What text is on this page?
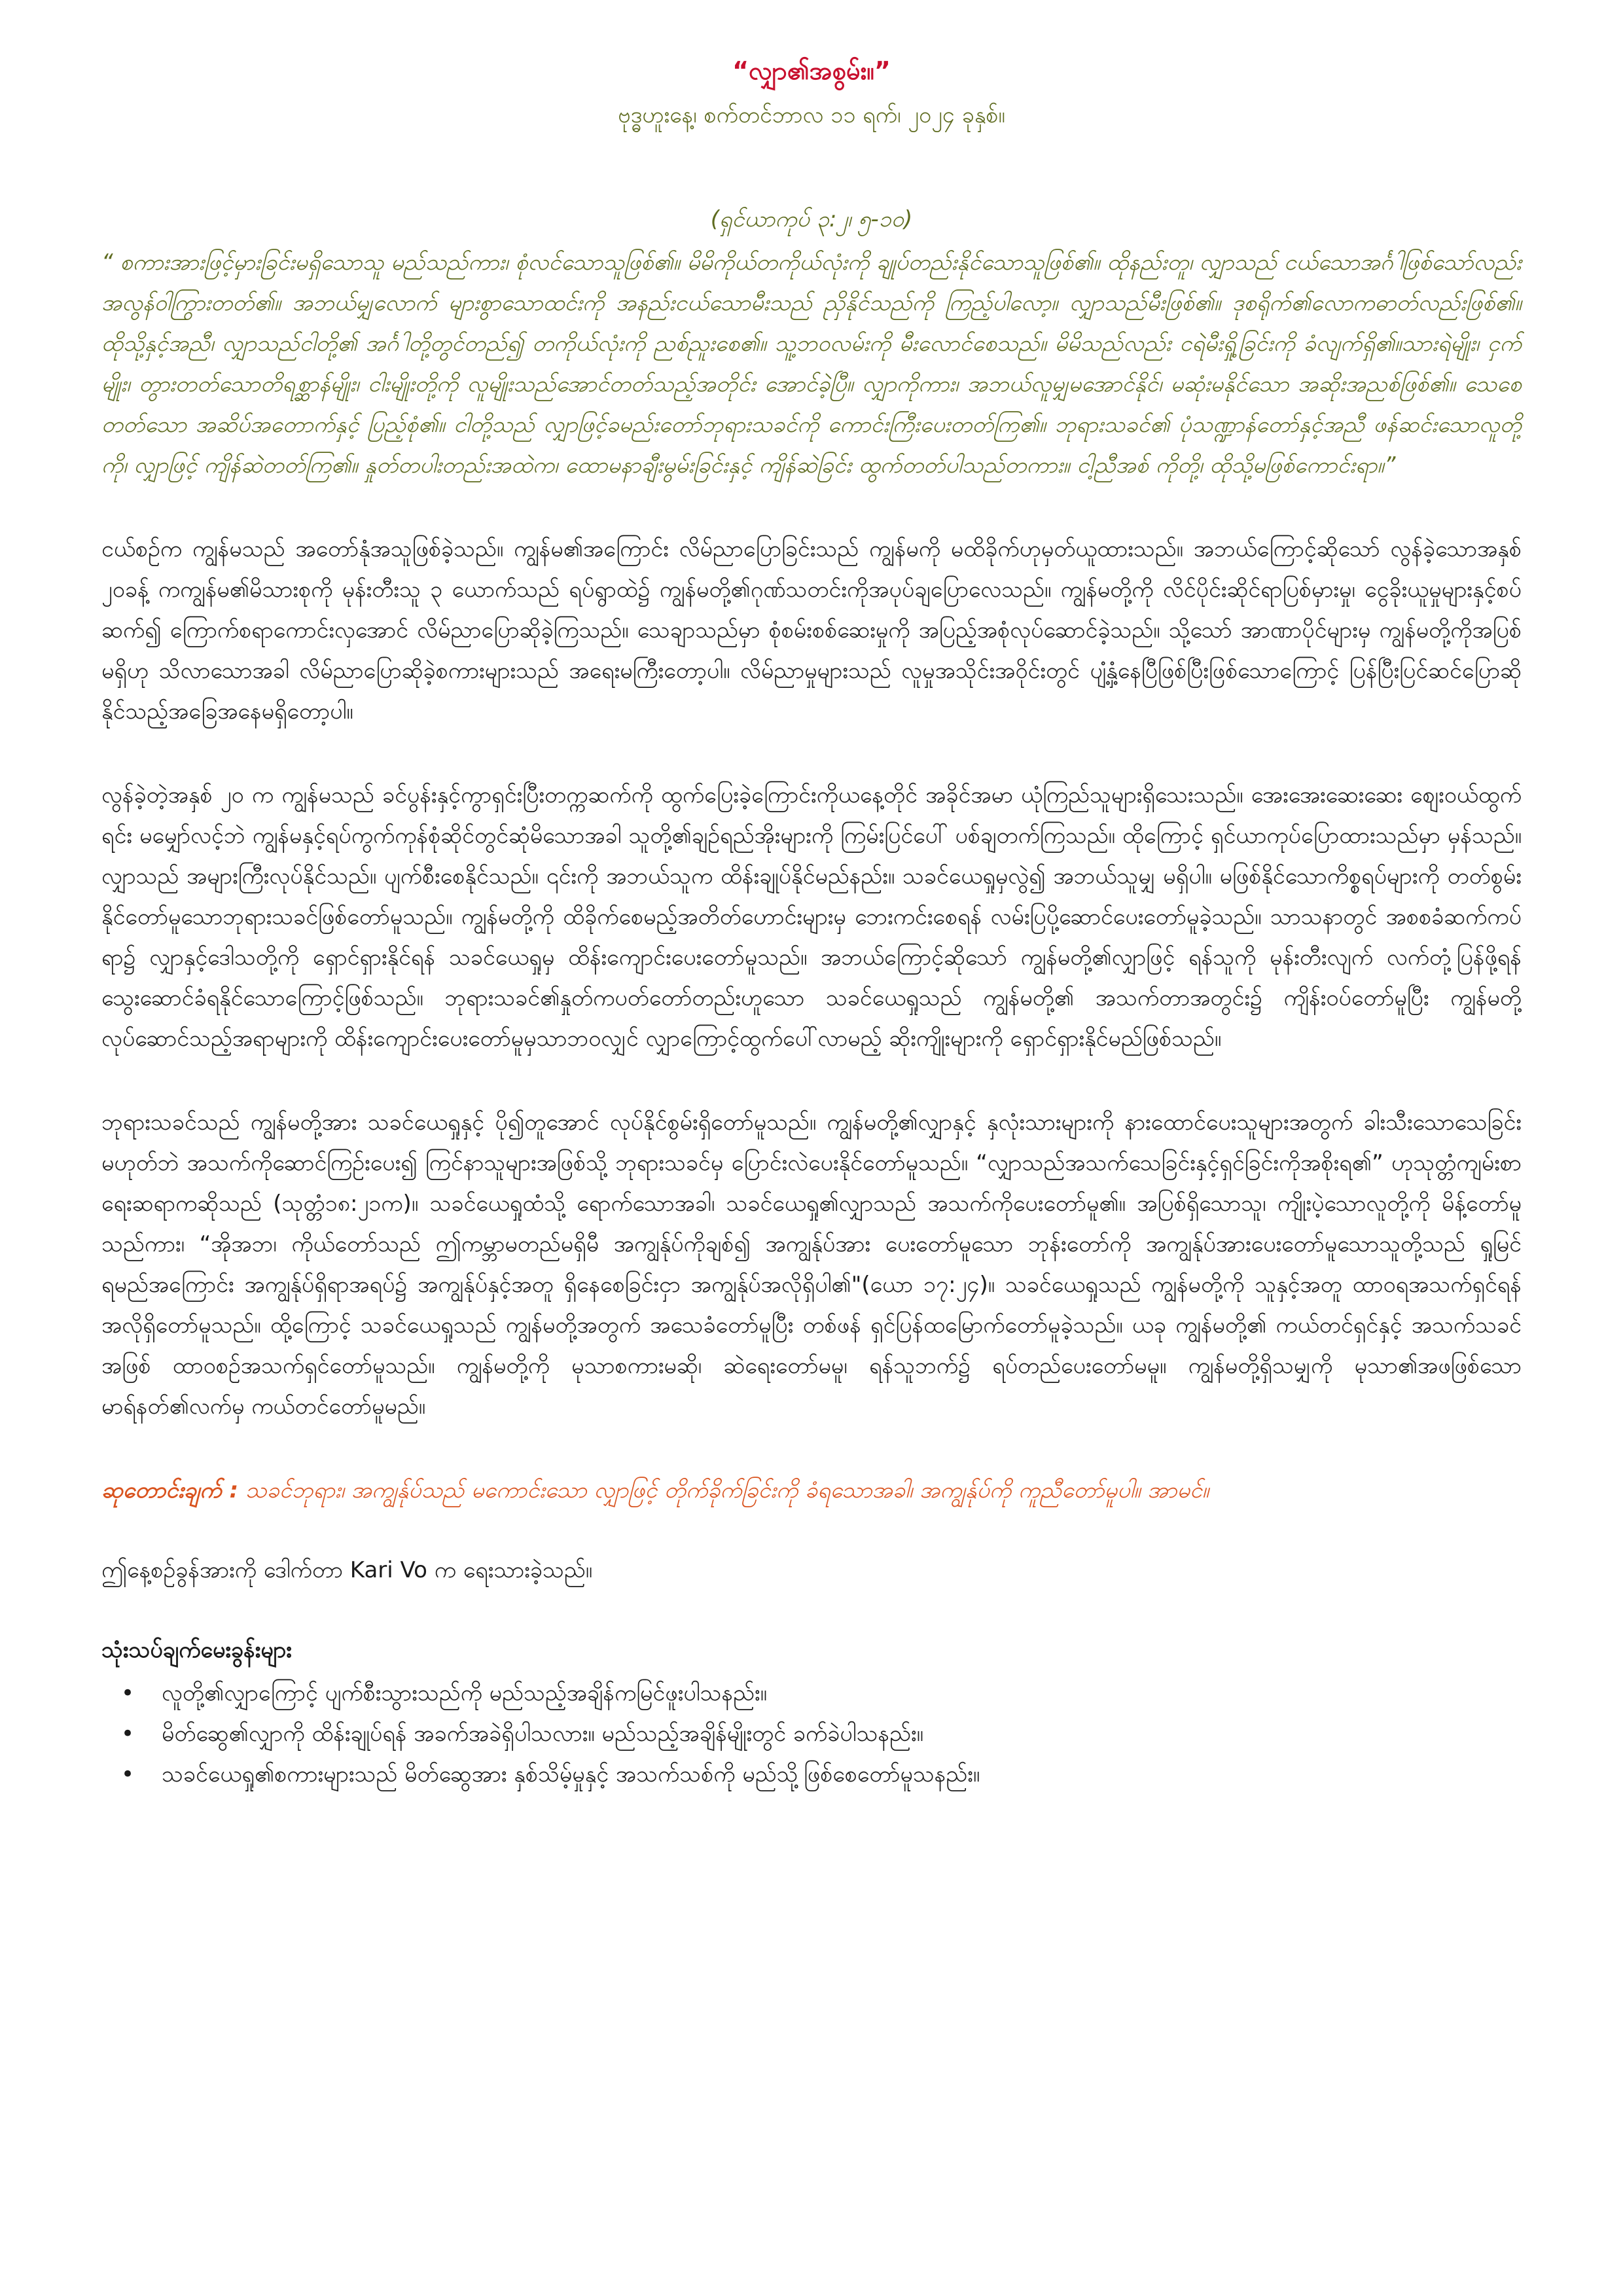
“လျှာ၏အစွမ်း။”

ဗုဒ္ဓဟူးနေ့၊ စက်တင်ဘာလ ၁၁ ရက်၊ ၂၀၂၄ ခုနှစ်။

(ရှင်ယာကုပ် ၃:၂၊ ၅-၁၀)

“ စကားအားဖြင့်မှားခြင်းမရှိသောသူ မည်သည်ကား၊ စုံလင်သောသူဖြစ်၏။ မိမိကိုယ်တကိုယ်လုံးကို ချုပ်တည်းနိုင်သောသူဖြစ်၏။ ထိုနည်းတူ၊ လျှာသည် ငယ်သောအင်္ဂါဖြစ်သော်လည်း အလွန်ဝါကြွားတတ်၏။ အဘယ်မျှလောက် များစွာသောထင်းကို အနည်းငယ်သောမီးသည် ညှိနိုင်သည်ကို ကြည့်ပါလော့။ လျှာသည်မီးဖြစ်၏။ ဒုစရိုက်၏လောကဓာတ်လည်းဖြစ်၏။ ထိုသို့နှင့်အညီ၊ လျှာသည်ငါတို့၏ အင်္ဂါတို့တွင်တည်၍ တကိုယ်လုံးကို ညစ်ညူးစေ၏။ သူ့ဘဝလမ်းကို မီးလောင်စေသည်။ မိမိသည်လည်း ငရဲမီးရှို့ခြင်းကို ခံလျက်ရှိ၏။သားရဲမျိုး၊ ငှက်မျိုး၊ တွားတတ်သောတိရစ္ဆာန်မျိုး၊ ငါးမျိုးတို့ကို လူမျိုးသည်အောင်တတ်သည့်အတိုင်း အောင်ခဲ့ပြီ။ လျှာကိုကား၊ အဘယ်လူမျှမအောင်နိုင်၊ မဆုံးမနိုင်သော အဆိုးအညစ်ဖြစ်၏။ သေစေတတ်သော အဆိပ်အတောက်နှင့် ပြည့်စုံ၏။ ငါတို့သည် လျှာဖြင့်ခမည်းတော်ဘုရားသခင်ကို ကောင်းကြီးပေးတတ်ကြ၏။ ဘုရားသခင်၏ ပုံသဏ္ဍာန်တော်နှင့်အညီ ဖန်ဆင်းသောလူတို့ကို၊ လျှာဖြင့် ကျိန်ဆဲတတ်ကြ၏။ နှုတ်တပါးတည်းအထဲက၊ ထောမနာချီးမွမ်းခြင်းနှင့် ကျိန်ဆဲခြင်း ထွက်တတ်ပါသည်တကား။ ငါ့ညီအစ် ကိုတို့၊ ထိုသို့မဖြစ်ကောင်းရာ။”

ငယ်စဉ်က ကျွန်မသည် အတော်နုံအသူဖြစ်ခဲ့သည်။ ကျွန်မ၏အကြောင်း လိမ်ညာပြောခြင်းသည် ကျွန်မကို မထိခိုက်ဟုမှတ်ယူထားသည်။ အဘယ်ကြောင့်ဆိုသော် လွန်ခဲ့သောအနှစ် ၂၀ခန့် ကကျွန်မ၏မိသားစုကို မုန်းတီးသူ ၃ ယောက်သည် ရပ်ရွာထဲ၌ ကျွန်မတို့၏ဂုဏ်သတင်းကိုအပုပ်ချပြောလေသည်။ ကျွန်မတို့ကို လိင်ပိုင်းဆိုင်ရာပြစ်မှားမှု၊ ငွေခိုးယူမှုများနှင့်စပ်ဆက်၍ ကြောက်စရာကောင်းလှအောင် လိမ်ညာပြောဆိုခဲ့ကြသည်။ သေချာသည်မှာ စုံစမ်းစစ်ဆေးမှုကို အပြည့်အစုံလုပ်ဆောင်ခဲ့သည်။ သို့သော် အာဏာပိုင်များမှ ကျွန်မတို့ကိုအပြစ်မရှိဟု သိလာသောအခါ လိမ်ညာပြောဆိုခဲ့စကားများသည် အရေးမကြီးတော့ပါ။ လိမ်ညာမှုများသည် လူမှုအသိုင်းအဝိုင်းတွင် ပျံ့နှံ့နေပြီဖြစ်ပြီးဖြစ်သောကြောင့် ပြန်ပြီးပြင်ဆင်ပြောဆိုနိုင်သည့်အခြေအနေမရှိတော့ပါ။

လွန်ခဲ့တဲ့အနှစ် ၂၀ က ကျွန်မသည် ခင်ပွန်းနှင့်ကွာရှင်းပြီးတက္ကဆက်ကို ထွက်ပြေးခဲ့ကြောင်းကိုယနေ့တိုင် အခိုင်အမာ ယုံကြည်သူများရှိသေးသည်။ အေးအေးဆေးဆေး စျေးဝယ်ထွက်ရင်း မမျှော်လင့်ဘဲ ကျွန်မနှင့်ရပ်ကွက်ကုန်စုံဆိုင်တွင်ဆုံမိသောအခါ သူတို့၏ချဉ်ရည်အိုးများကို ကြမ်းပြင်ပေါ် ပစ်ချတက်ကြသည်။ ထိုကြောင့် ရှင်ယာကုပ်ပြောထားသည်မှာ မှန်သည်။ လျှာသည် အများကြီးလုပ်နိုင်သည်။ ပျက်စီးစေနိုင်သည်။ ၎င်းကို အဘယ်သူက ထိန်းချုပ်နိုင်မည်နည်း။ သခင်ယေရှုမှလွဲ၍ အဘယ်သူမျှ မရှိပါ။ မဖြစ်နိုင်သောကိစ္စရပ်များကို တတ်စွမ်းနိုင်တော်မူသောဘုရားသခင်ဖြစ်တော်မူသည်။ ကျွန်မတို့ကို ထိခိုက်စေမည့်အတိတ်ဟောင်းများမှ ဘေးကင်းစေရန် လမ်းပြပို့ဆောင်ပေးတော်မူခဲ့သည်။ သာသနာတွင် အစစခံဆက်ကပ်ရာ၌ လျှာနှင့်ဒေါသတို့ကို ရှောင်ရှားနိုင်ရန် သခင်ယေရှုမှ ထိန်းကျောင်းပေးတော်မူသည်။ အဘယ်ကြောင့်ဆိုသော် ကျွန်မတို့၏လျှာဖြင့် ရန်သူကို မုန်းတီးလျက် လက်တုံ့ပြန်ဖို့ရန် သွေးဆောင်ခံရနိုင်သောကြောင့်ဖြစ်သည်။ ဘုရားသခင်၏နှုတ်ကပတ်တော်တည်းဟူသော သခင်ယေရှုသည် ကျွန်မတို့၏ အသက်တာအတွင်း၌ ကျိန်းဝပ်တော်မူပြီး ကျွန်မတို့လုပ်ဆောင်သည့်အရာများကို ထိန်းကျောင်းပေးတော်မူမှသာဘဝလျှင် လျှာကြောင့်ထွက်ပေါ်လာမည့် ဆိုးကျိုးများကို ရှောင်ရှားနိုင်မည်ဖြစ်သည်။

ဘုရားသခင်သည် ကျွန်မတို့အား သခင်ယေရှုနှင့် ပို၍တူအောင် လုပ်နိုင်စွမ်းရှိတော်မူသည်။ ကျွန်မတို့၏လျှာနှင့် နှလုံးသားများကို နားထောင်ပေးသူများအတွက် ခါးသီးသောသေခြင်းမဟုတ်ဘဲ အသက်ကိုဆောင်ကြဉ်းပေး၍ ကြင်နာသူများအဖြစ်သို့ ဘုရားသခင်မှ ပြောင်းလဲပေးနိုင်တော်မူသည်။ “လျှာသည်အသက်သေခြင်းနှင့်ရှင်ခြင်းကိုအစိုးရ၏” ဟုသုတ္တံကျမ်းစာရေးဆရာကဆိုသည် (သုတ္တံ၁၈:၂၁က)။ သခင်ယေရှုထံသို့ ရောက်သောအခါ၊ သခင်ယေရှု၏လျှာသည် အသက်ကိုပေးတော်မူ၏။ အပြစ်ရှိသောသူ၊ ကျိုးပဲ့သောလူတို့ကို မိန့်တော်မူသည်ကား၊ “အိုအဘ၊ ကိုယ်တော်သည် ဤကမ္ဘာမတည်မရှိမီ အကျွန်ုပ်ကိုချစ်၍ အကျွန်ုပ်အား ပေးတော်မူသော ဘုန်းတော်ကို အကျွန်ုပ်အားပေးတော်မူသောသူတို့သည် ရှုမြင်ရမည်အကြောင်း အကျွန်ုပ်ရှိရာအရပ်၌ အကျွန်ုပ်နှင့်အတူ ရှိနေစေခြင်းငှာ အကျွန်ုပ်အလိုရှိပါ၏"(ယော ၁၇:၂၄)။ သခင်ယေရှုသည် ကျွန်မတို့ကို သူနှင့်အတူ ထာဝရအသက်ရှင်ရန်အလိုရှိတော်မူသည်။ ထို့ကြောင့် သခင်ယေရှုသည် ကျွန်မတို့အတွက် အသေခံတော်မူပြီး တစ်ဖန် ရှင်ပြန်ထမြောက်တော်မူခဲ့သည်။ ယခု ကျွန်မတို့၏ ကယ်တင်ရှင်နှင့် အသက်သခင်အဖြစ် ထာဝစဉ်အသက်ရှင်တော်မူသည်။ ကျွန်မတို့ကို မုသာစကားမဆို၊ ဆဲရေးတော်မမူ၊ ရန်သူဘက်၌ ရပ်တည်ပေးတော်မမူ။ ကျွန်မတို့ရှိသမျှကို မုသာ၏အဖဖြစ်သောမာရ်နတ်၏လက်မှ ကယ်တင်တော်မူမည်။

ဆုတောင်းချက် : သခင်ဘုရား၊ အကျွန်ုပ်သည် မကောင်းသော လျှာဖြင့် တိုက်ခိုက်ခြင်းကို ခံရသောအခါ၊ အကျွန်ုပ်ကို ကူညီတော်မူပါ။ အာမင်။

ဤနေ့စဉ်ခွန်အားကို ဒေါက်တာ Kari Vo က ရေးသားခဲ့သည်။

သုံးသပ်ချက်မေးခွန်းများ

• လူတို့၏လျှာကြောင့် ပျက်စီးသွားသည်ကို မည်သည့်အချိန်ကမြင်ဖူးပါသနည်း။
• မိတ်ဆွေ၏လျှာကို ထိန်းချုပ်ရန် အခက်အခဲရှိပါသလား။ မည်သည့်အချိန်မျိုးတွင် ခက်ခဲပါသနည်း။
• သခင်ယေရှု၏စကားများသည် မိတ်ဆွေအား နှစ်သိမ့်မှုနှင့် အသက်သစ်ကို မည်သို့ဖြစ်စေတော်မူသနည်း။
